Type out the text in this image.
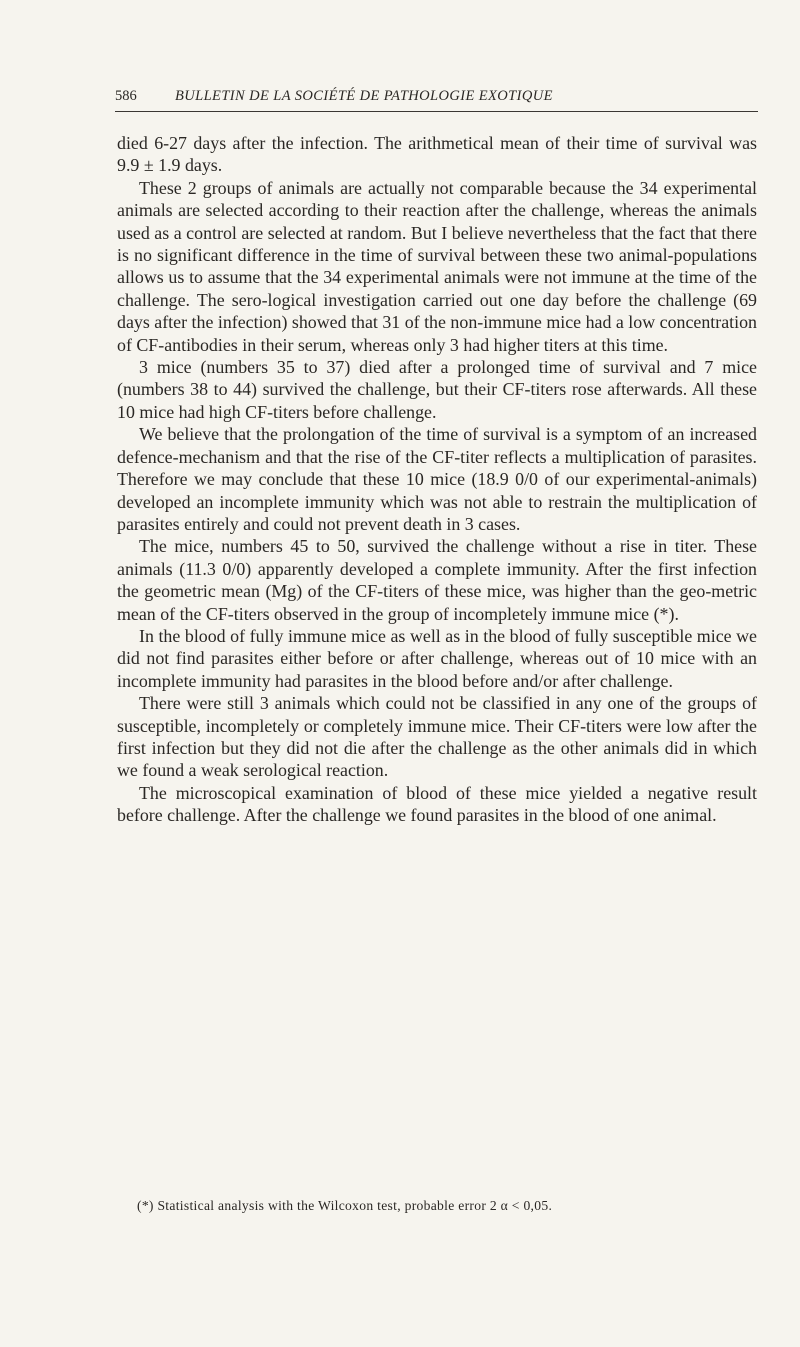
586	BULLETIN DE LA SOCIÉTÉ DE PATHOLOGIE EXOTIQUE

died 6-27 days after the infection. The arithmetical mean of their time of survival was 9.9 ± 1.9 days.

These 2 groups of animals are actually not comparable because the 34 experimental animals are selected according to their reaction after the challenge, whereas the animals used as a control are selected at random. But I believe nevertheless that the fact that there is no significant difference in the time of survival between these two animal-populations allows us to assume that the 34 experimental animals were not immune at the time of the challenge. The sero-logical investigation carried out one day before the challenge (69 days after the infection) showed that 31 of the non-immune mice had a low concentration of CF-antibodies in their serum, whereas only 3 had higher titers at this time.

3 mice (numbers 35 to 37) died after a prolonged time of survival and 7 mice (numbers 38 to 44) survived the challenge, but their CF-titers rose afterwards. All these 10 mice had high CF-titers before challenge.

We believe that the prolongation of the time of survival is a symptom of an increased defence-mechanism and that the rise of the CF-titer reflects a multiplication of parasites. Therefore we may conclude that these 10 mice (18.9 0/0 of our experimental-animals) developed an incomplete immunity which was not able to restrain the multiplication of parasites entirely and could not prevent death in 3 cases.

The mice, numbers 45 to 50, survived the challenge without a rise in titer. These animals (11.3 0/0) apparently developed a complete immunity. After the first infection the geometric mean (Mg) of the CF-titers of these mice, was higher than the geo-metric mean of the CF-titers observed in the group of incompletely immune mice (*).

In the blood of fully immune mice as well as in the blood of fully susceptible mice we did not find parasites either before or after challenge, whereas out of 10 mice with an incomplete immunity had parasites in the blood before and/or after challenge.

There were still 3 animals which could not be classified in any one of the groups of susceptible, incompletely or completely immune mice. Their CF-titers were low after the first infection but they did not die after the challenge as the other animals did in which we found a weak serological reaction.

The microscopical examination of blood of these mice yielded a negative result before challenge. After the challenge we found parasites in the blood of one animal.

(*) Statistical analysis with the Wilcoxon test, probable error 2 α < 0,05.
